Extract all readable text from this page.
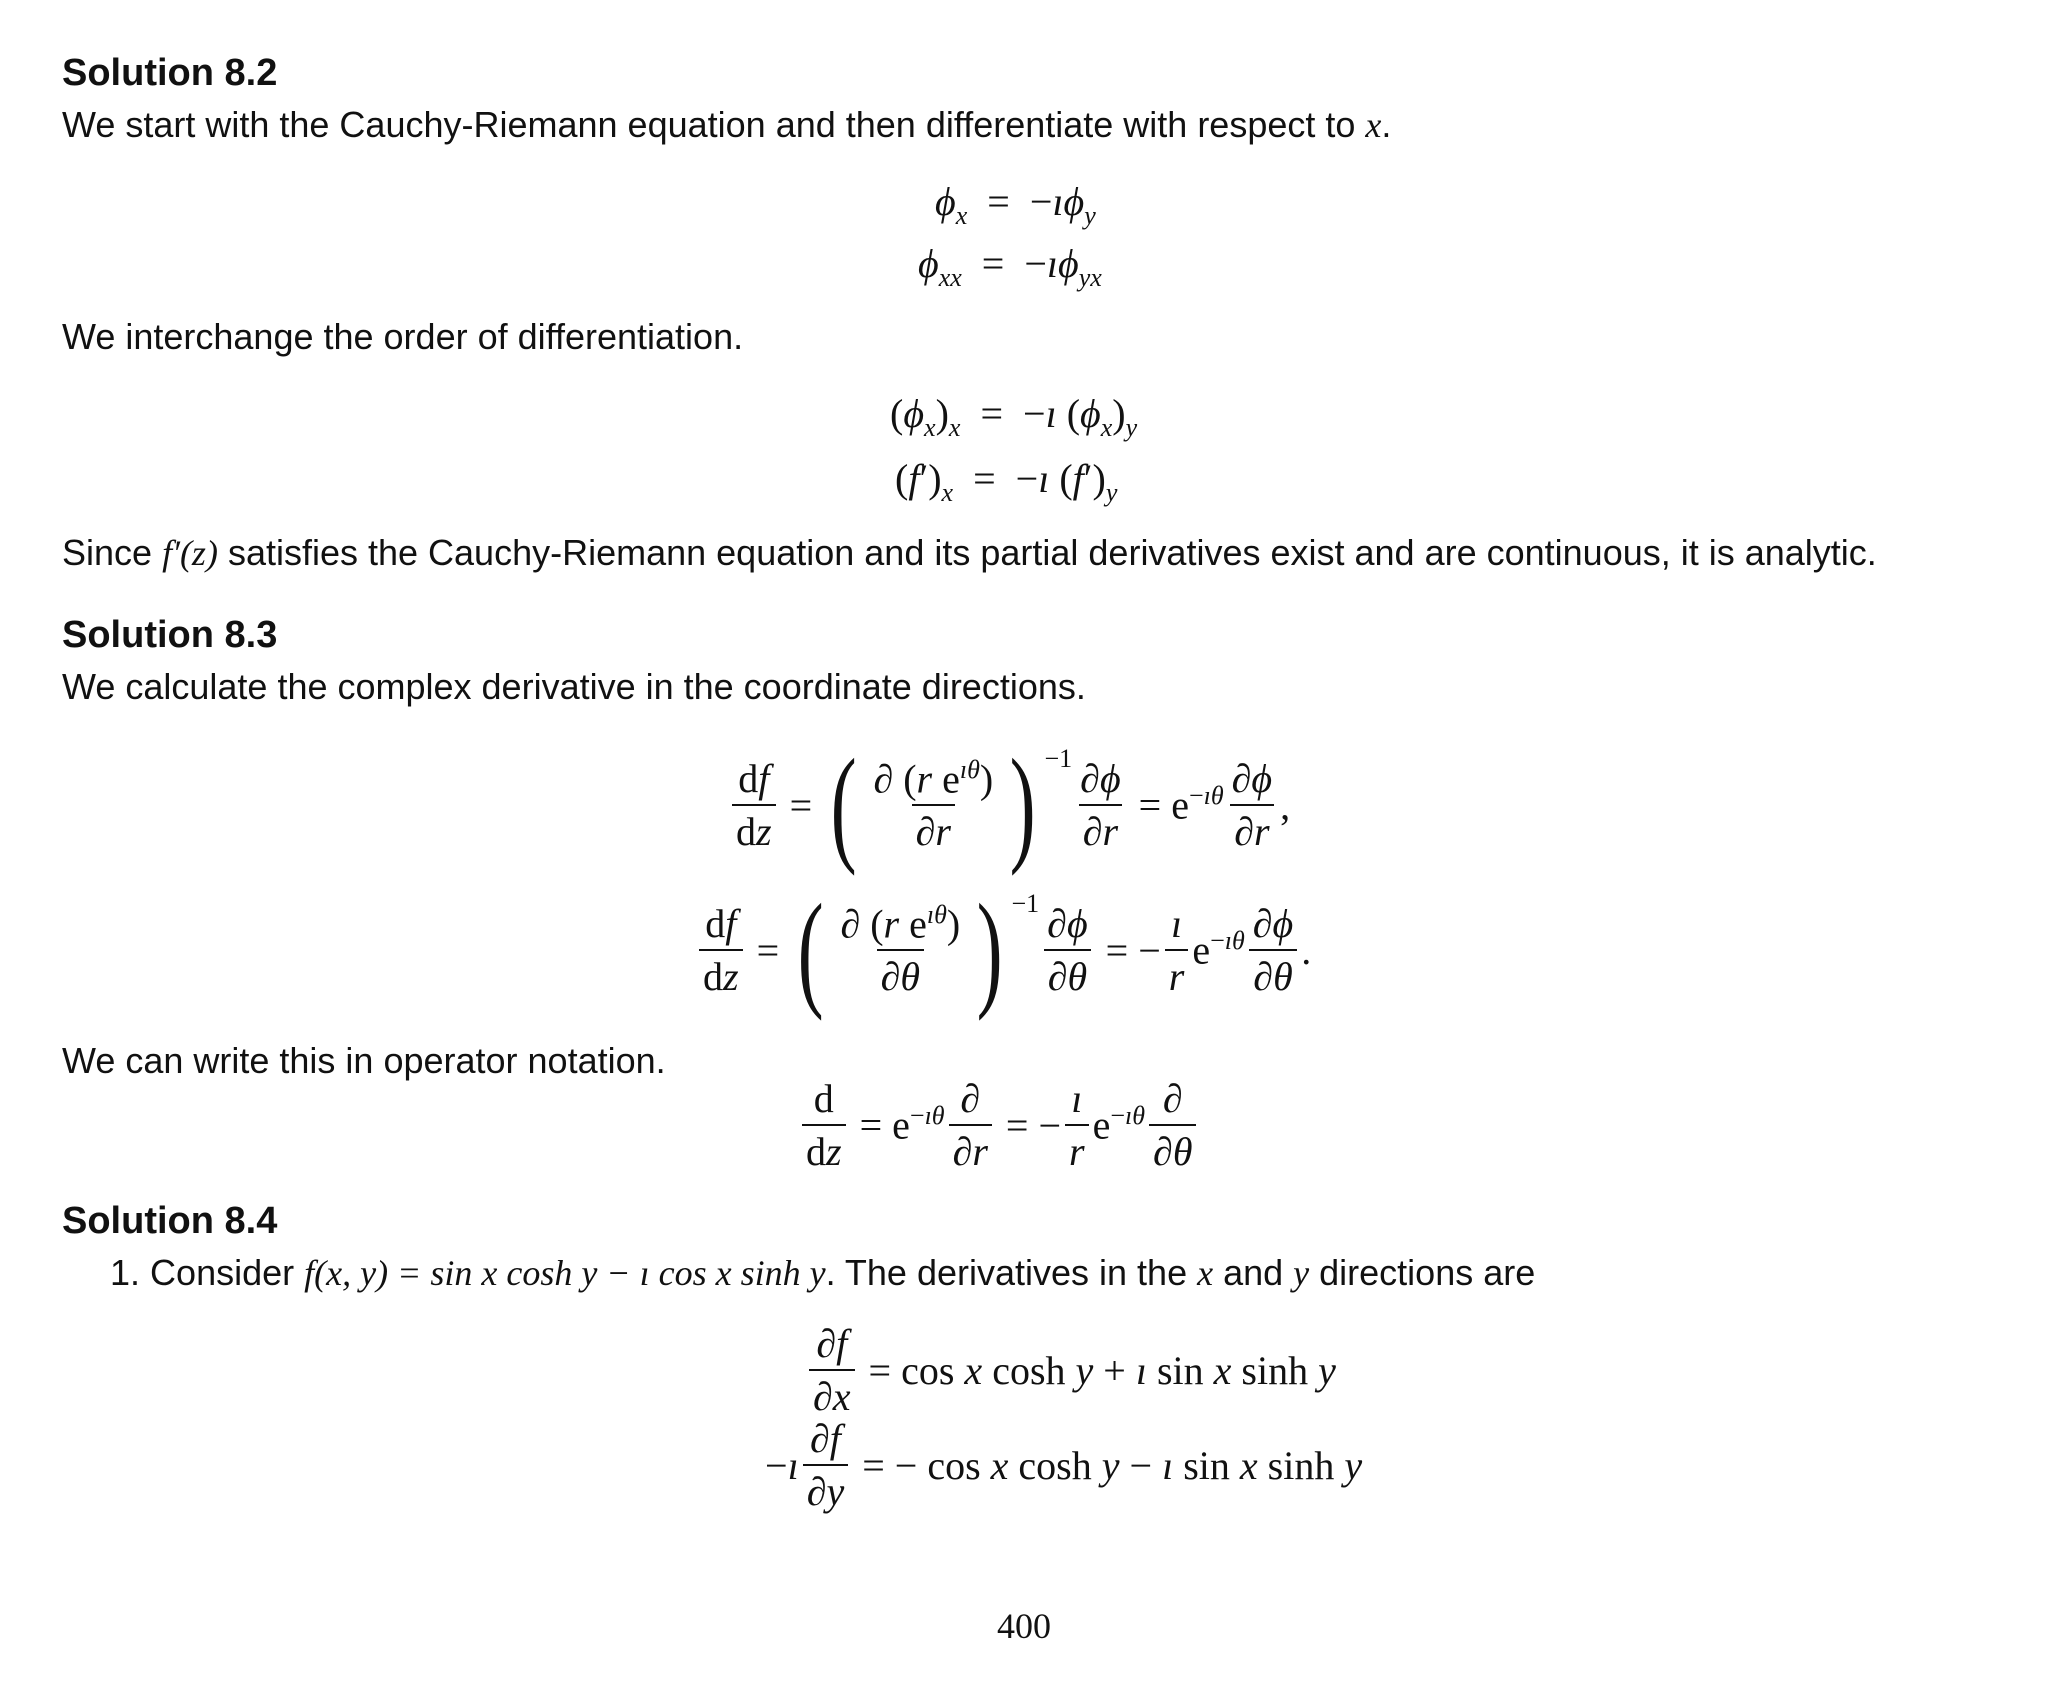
Solution 8.2
We start with the Cauchy-Riemann equation and then differentiate with respect to x.
$\phi_x$  =  $-ı\phi_y$
$\phi_{xx}$  =  $-ı\phi_{yx}$
We interchange the order of differentiation.
$(\phi_x)_x$  =  −ı $(\phi_x)_y$
$(f')_x$  =  −ı $(f')_y$
Since f′(z) satisfies the Cauchy-Riemann equation and its partial derivatives exist and are continuous, it is analytic.
Solution 8.3
We calculate the complex derivative in the coordinate directions.
$\frac{df}{dz}$ = ( $\frac{\partial (r e^{ı\theta})}{\partial r}$ ) $^{-1} \frac{\partial\phi}{\partial r} = e^{-ı\theta} \frac{\partial\phi}{\partial r}$ ,
$\frac{df}{dz}$ = ( $\frac{\partial (r e^{ı\theta})}{\partial\theta}$ ) $^{-1} \frac{\partial\phi}{\partial\theta}$ = − $\frac{ı}{r} e^{-ı\theta} \frac{\partial\phi}{\partial\theta}$ .
We can write this in operator notation.
$\frac{d}{dz} = e^{-ı\theta} \frac{\partial}{\partial r}$ = − $\frac{ı}{r} e^{-ı\theta} \frac{\partial}{\partial\theta}$
Solution 8.4
1. Consider f(x, y) = sin x cosh y − ı cos x sinh y. The derivatives in the x and y directions are
$\frac{\partial f}{\partial x} = \cos x$ cosh y + ı sin x sinh y
−ı $\frac{\partial f}{\partial y}$ = − cos x cosh y − ı sin x sinh y
400
